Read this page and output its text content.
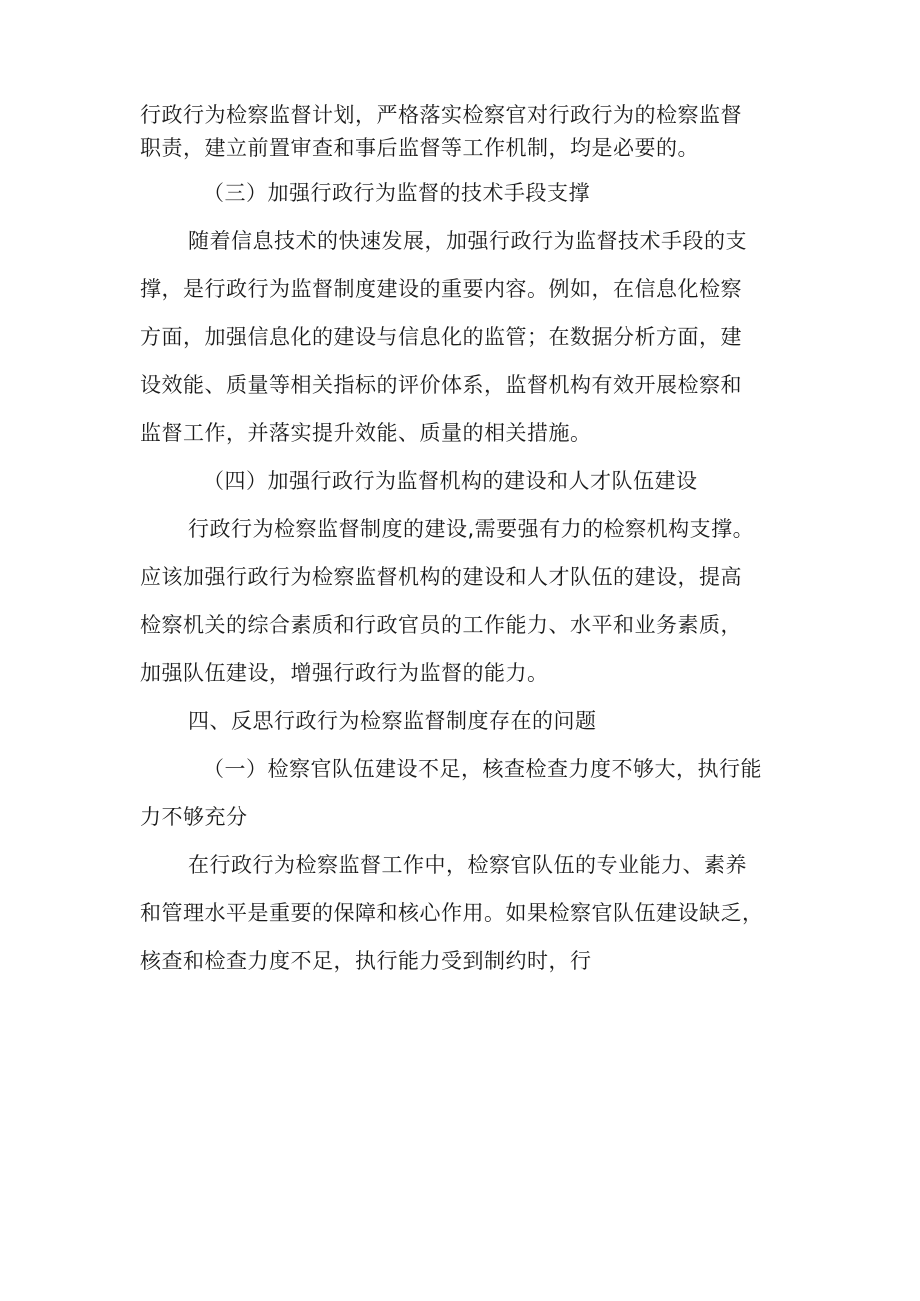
行政行为检察监督计划，严格落实检察官对行政行为的检察监督
职责，建立前置审查和事后监督等工作机制，均是必要的。
（三）加强行政行为监督的技术手段支撑
随着信息技术的快速发展，加强行政行为监督技术手段的支
撑，是行政行为监督制度建设的重要内容。例如，在信息化检察
方面，加强信息化的建设与信息化的监管；在数据分析方面，建
设效能、质量等相关指标的评价体系，监督机构有效开展检察和
监督工作，并落实提升效能、质量的相关措施。
（四）加强行政行为监督机构的建设和人才队伍建设
行政行为检察监督制度的建设,需要强有力的检察机构支撑。
应该加强行政行为检察监督机构的建设和人才队伍的建设，提高
检察机关的综合素质和行政官员的工作能力、水平和业务素质，
加强队伍建设，增强行政行为监督的能力。
四、反思行政行为检察监督制度存在的问题
（一）检察官队伍建设不足，核查检查力度不够大，执行能
力不够充分
在行政行为检察监督工作中，检察官队伍的专业能力、素养
和管理水平是重要的保障和核心作用。如果检察官队伍建设缺乏，
核查和检查力度不足，执行能力受到制约时，行
